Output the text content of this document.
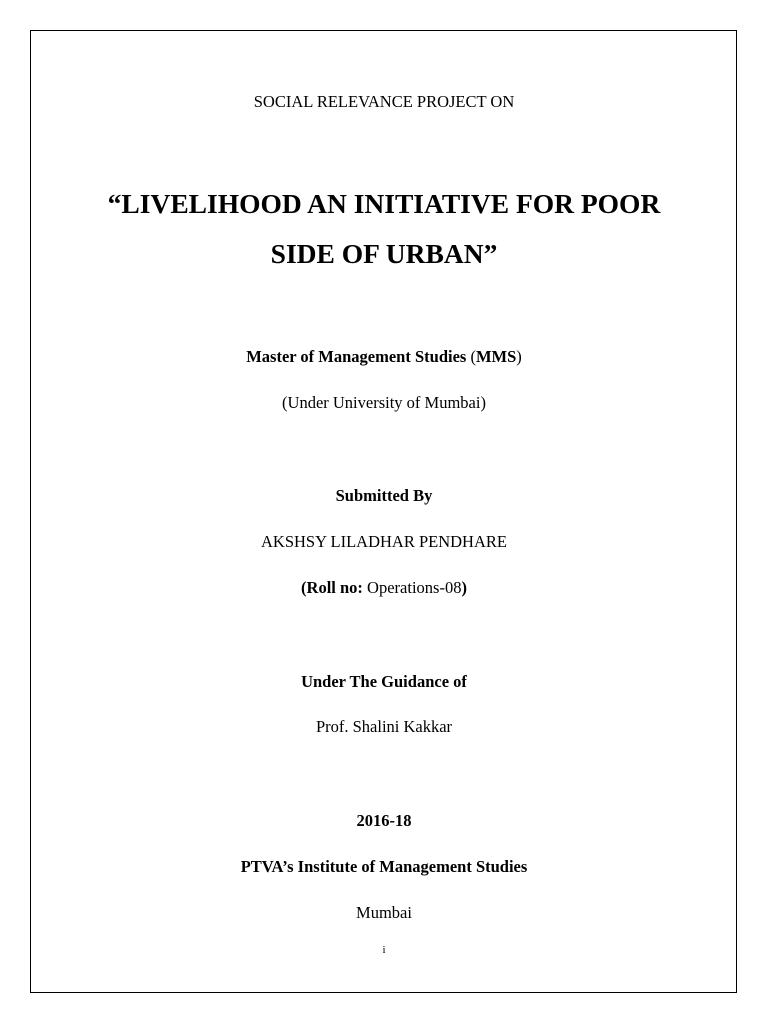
SOCIAL RELEVANCE PROJECT ON
“LIVELIHOOD AN INITIATIVE FOR POOR
SIDE OF URBAN”
Master of Management Studies (MMS)
(Under University of Mumbai)
Submitted By
AKSHSY LILADHAR PENDHARE
(Roll no: Operations-08)
Under The Guidance of
Prof. Shalini Kakkar
2016-18
PTVA’s Institute of Management Studies
Mumbai
i
